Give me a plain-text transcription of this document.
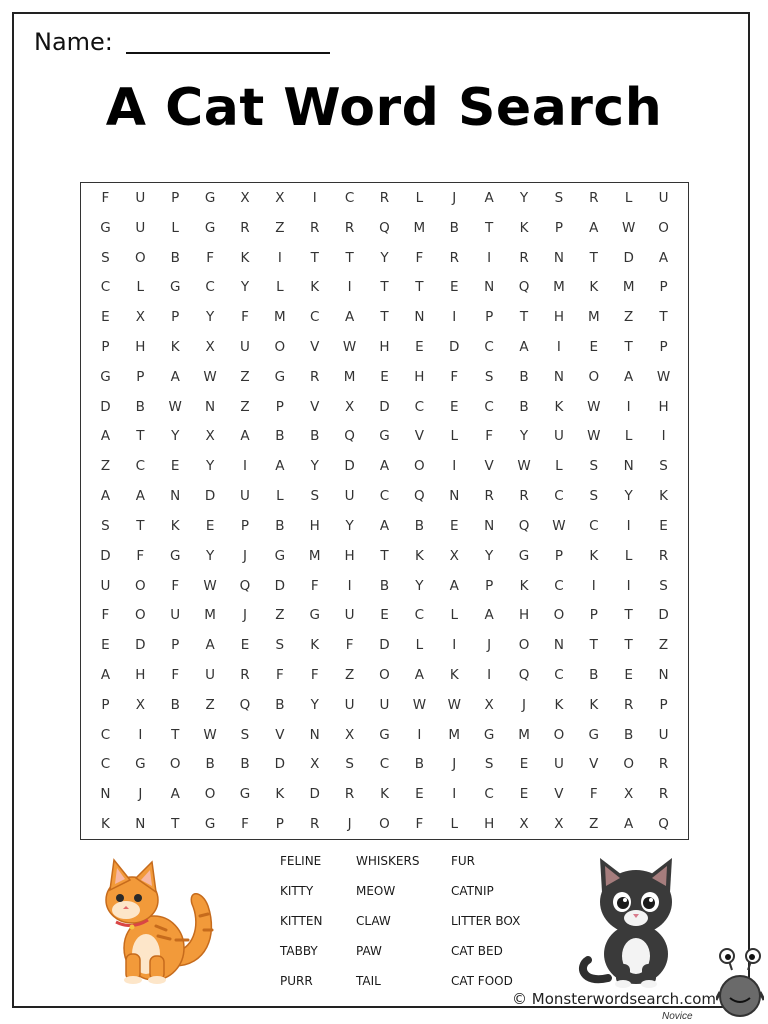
Name:
A Cat Word Search
F U P G X X I C R L J A Y S R L U
G U L G R Z R R Q M B T K P A W O
S O B F K I T T Y F R I R N T D A
C L G C Y L K I T T E N Q M K M P
E X P Y F M C A T N I P T H M Z T
P H K X U O V W H E D C A I E T P
G P A W Z G R M E H F S B N O A W
D B W N Z P V X D C E C B K W I H
A T Y X A B B Q G V L F Y U W L I
Z C E Y I A Y D A O I V W L S N S
A A N D U L S U C Q N R R C S Y K
S T K E P B H Y A B E N Q W C I E
D F G Y J G M H T K X Y G P K L R
U O F W Q D F I B Y A P K C I I S
F O U M J Z G U E C L A H O P T D
E D P A E S K F D L I J O N T T Z
A H F U R F F Z O A K I Q C B E N
P X B Z Q B Y U U W W X J K K R P
C I T W S V N X G I M G M O G B U
C G O B B D X S C B J S E U V O R
N J A O G K D R K E I C E V F X R
K N T G F P R J O F L H X X Z A Q
FELINE
KITTY
KITTEN
TABBY
PURR
WHISKERS
MEOW
CLAW
PAW
TAIL
FUR
CATNIP
LITTER BOX
CAT BED
CAT FOOD
© Monsterwordsearch.com
Novice
